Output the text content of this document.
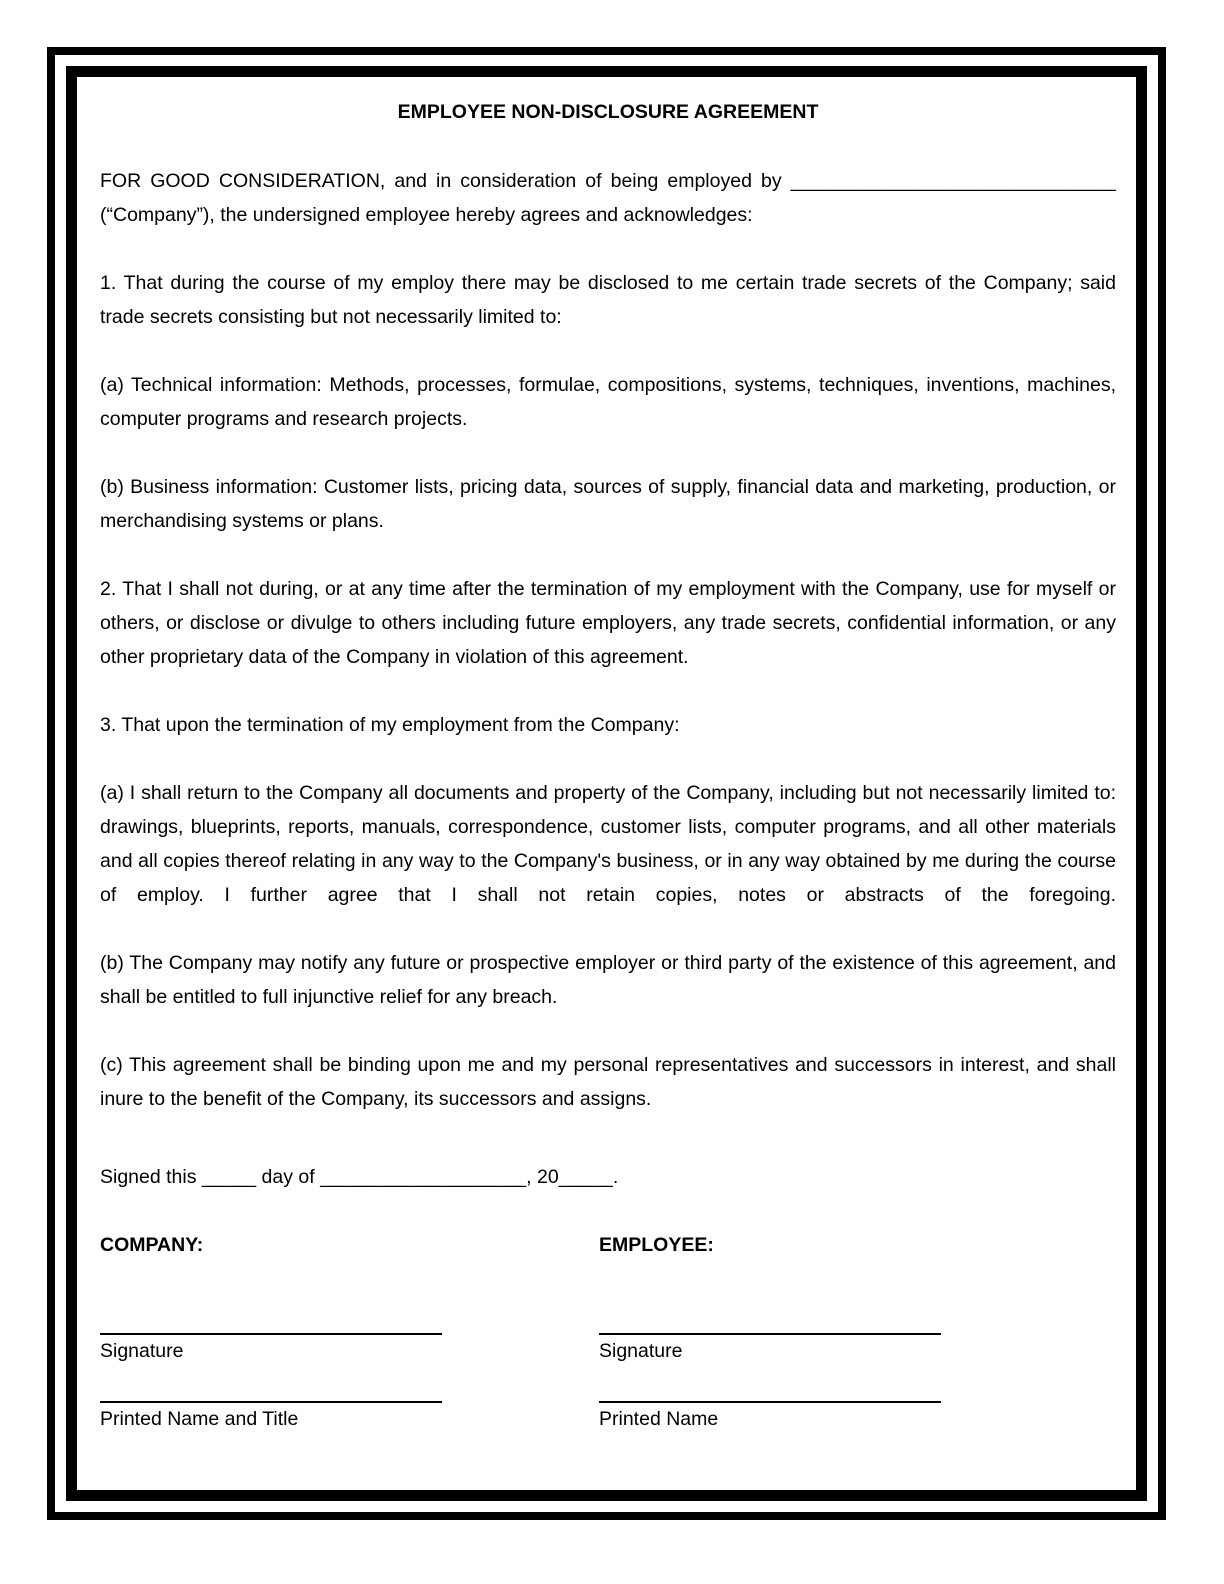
EMPLOYEE NON-DISCLOSURE AGREEMENT

FOR GOOD CONSIDERATION, and in consideration of being employed by ______________________________ (“Company”), the undersigned employee hereby agrees and acknowledges:

1. That during the course of my employ there may be disclosed to me certain trade secrets of the Company; said trade secrets consisting but not necessarily limited to:

(a) Technical information: Methods, processes, formulae, compositions, systems, techniques, inventions, machines, computer programs and research projects.

(b) Business information: Customer lists, pricing data, sources of supply, financial data and marketing, production, or merchandising systems or plans.

2. That I shall not during, or at any time after the termination of my employment with the Company, use for myself or others, or disclose or divulge to others including future employers, any trade secrets, confidential information, or any other proprietary data of the Company in violation of this agreement.

3. That upon the termination of my employment from the Company:

(a) I shall return to the Company all documents and property of the Company, including but not necessarily limited to: drawings, blueprints, reports, manuals, correspondence, customer lists, computer programs, and all other materials and all copies thereof relating in any way to the Company's business, or in any way obtained by me during the course of employ. I further agree that I shall not retain copies, notes or abstracts of the foregoing.

(b) The Company may notify any future or prospective employer or third party of the existence of this agreement, and shall be entitled to full injunctive relief for any breach.

(c) This agreement shall be binding upon me and my personal representatives and successors in interest, and shall inure to the benefit of the Company, its successors and assigns.

Signed this _____ day of ___________________, 20_____.
COMPANY:
Signature
Printed Name and Title
EMPLOYEE:
Signature
Printed Name
